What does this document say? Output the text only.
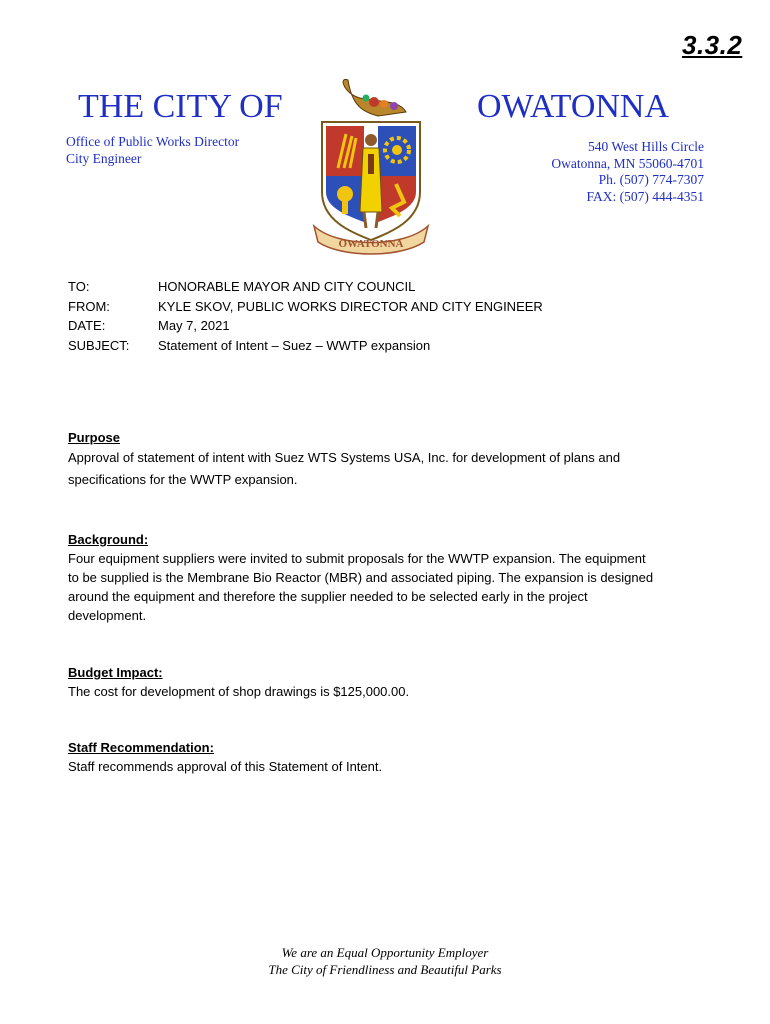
3.3.2
THE CITY OF	OWATONNA
Office of Public Works Director
City Engineer
540 West Hills Circle
Owatonna, MN 55060-4701
Ph. (507) 774-7307
FAX: (507) 444-4351
OWATONNA
TO:	HONORABLE MAYOR AND CITY COUNCIL
FROM:	KYLE SKOV, PUBLIC WORKS DIRECTOR AND CITY ENGINEER
DATE:	May 7, 2021
SUBJECT:	Statement of Intent – Suez – WWTP expansion
Purpose
Approval of statement of intent with Suez WTS Systems USA, Inc. for development of plans and
specifications for the WWTP expansion.
Background:
Four equipment suppliers were invited to submit proposals for the WWTP expansion. The equipment
to be supplied is the Membrane Bio Reactor (MBR) and associated piping. The expansion is designed
around the equipment and therefore the supplier needed to be selected early in the project
development.
Budget Impact:
The cost for development of shop drawings is $125,000.00.
Staff Recommendation:
Staff recommends approval of this Statement of Intent.
We are an Equal Opportunity Employer
The City of Friendliness and Beautiful Parks
